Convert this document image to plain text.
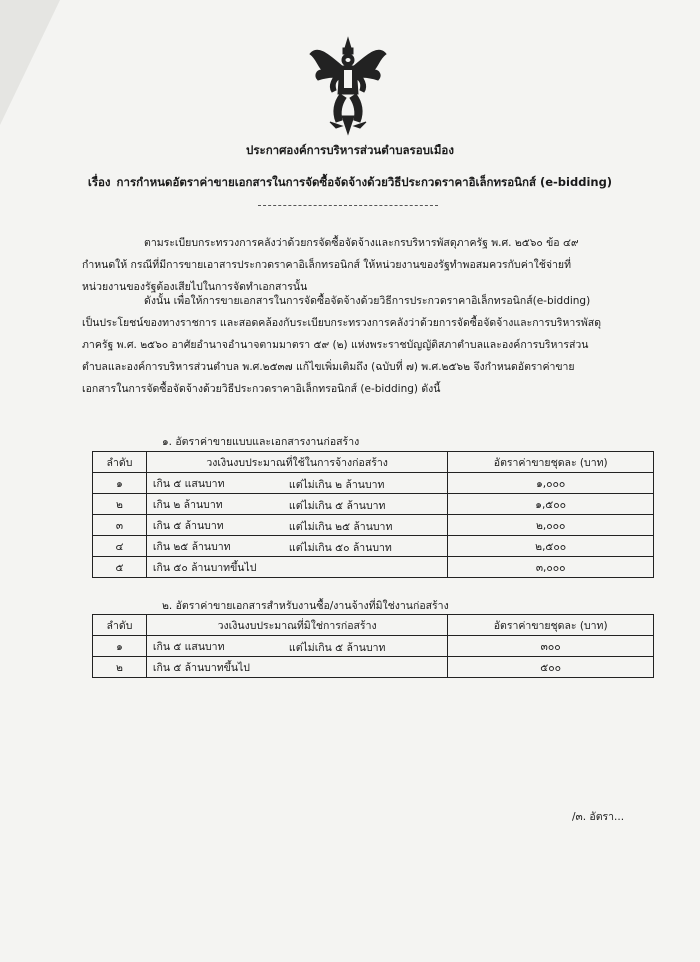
ประกาศองค์การบริหารส่วนตำบลรอบเมือง
เรื่อง การกำหนดอัตราค่าขายเอกสารในการจัดซื้อจัดจ้างด้วยวิธีประกวดราคาอิเล็กทรอนิกส์ (e-bidding)

ตามระเบียบกระทรวงการคลังว่าด้วยกรจัดซื้อจัดจ้างและกรบริหารพัสดุภาครัฐ พ.ศ. ๒๕๖๐ ข้อ ๔๙

กำหนดให้ กรณีที่มีการขายเอาสารประกวดราคาอิเล็กทรอนิกส์ ให้หน่วยงานของรัฐทำพอสมควรกับค่าใช้จ่ายที่

หน่วยงานของรัฐต้องเสียไปในการจัดทำเอกสารนั้น

ดังนั้น เพื่อให้การขายเอกสารในการจัดซื้อจัดจ้างด้วยวิธีการประกวดราคาอิเล็กทรอนิกส์(e-bidding)

เป็นประโยชน์ของทางราชการ และสอดคล้องกับระเบียบกระทรวงการคลังว่าด้วยการจัดซื้อจัดจ้างและการบริหารพัสดุ

ภาครัฐ พ.ศ. ๒๕๖๐ อาศัยอำนาจอำนาจตามมาตรา ๕๙ (๒) แห่งพระราชบัญญัติสภาตำบลและองค์การบริหารส่วน

ตำบลและองค์การบริหารส่วนตำบล พ.ศ.๒๕๓๗ แก้ไขเพิ่มเติมถึง (ฉบับที่ ๗) พ.ศ.๒๕๖๒ จึงกำหนดอัตราค่าขาย

เอกสารในการจัดซื้อจัดจ้างด้วยวิธีประกวดราคาอิเล็กทรอนิกส์ (e-bidding) ดังนี้

๑. อัตราค่าขายแบบและเอกสารงานก่อสร้าง
ลำดับ	วงเงินงบประมาณที่ใช้ในการจ้างก่อสร้าง	อัตราค่าขายชุดละ (บาท)
๑	เกิน ๕ แสนบาท แต่ไม่เกิน ๒ ล้านบาท	๑,๐๐๐
๒	เกิน ๒ ล้านบาท แต่ไม่เกิน ๕ ล้านบาท	๑,๕๐๐
๓	เกิน ๕ ล้านบาท แต่ไม่เกิน ๒๕ ล้านบาท	๒,๐๐๐
๔	เกิน ๒๕ ล้านบาท แต่ไม่เกิน ๕๐ ล้านบาท	๒,๕๐๐
๕	เกิน ๕๐ ล้านบาทขึ้นไป	๓,๐๐๐
๒. อัตราค่าขายเอกสารสำหรับงานซื้อ/งานจ้างที่มิใช่งานก่อสร้าง
ลำดับ	วงเงินงบประมาณที่มิใช่การก่อสร้าง	อัตราค่าขายชุดละ (บาท)
๑	เกิน ๕ แสนบาท แต่ไม่เกิน ๕ ล้านบาท	๓๐๐
๒	เกิน ๕ ล้านบาทขึ้นไป	๕๐๐
/๓. อัตรา...
